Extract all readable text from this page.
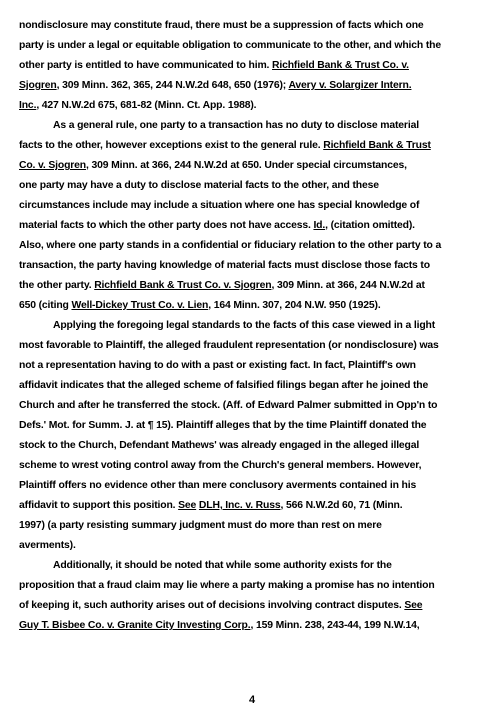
nondisclosure may constitute fraud, there must be a suppression of facts which one
party is under a legal or equitable obligation to communicate to the other, and which the
other party is entitled to have communicated to him. Richfield Bank & Trust Co. v.
Sjogren, 309 Minn. 362, 365, 244 N.W.2d 648, 650 (1976); Avery v. Solargizer Intern.
Inc., 427 N.W.2d 675, 681-82 (Minn. Ct. App. 1988).
As a general rule, one party to a transaction has no duty to disclose material
facts to the other, however exceptions exist to the general rule. Richfield Bank & Trust
Co. v. Sjogren, 309 Minn. at 366, 244 N.W.2d at 650. Under special circumstances,
one party may have a duty to disclose material facts to the other, and these
circumstances include may include a situation where one has special knowledge of
material facts to which the other party does not have access. Id., (citation omitted).
Also, where one party stands in a confidential or fiduciary relation to the other party to a
transaction, the party having knowledge of material facts must disclose those facts to
the other party. Richfield Bank & Trust Co. v. Sjogren, 309 Minn. at 366, 244 N.W.2d at
650 (citing Well-Dickey Trust Co. v. Lien, 164 Minn. 307, 204 N.W. 950 (1925).
Applying the foregoing legal standards to the facts of this case viewed in a light
most favorable to Plaintiff, the alleged fraudulent representation (or nondisclosure) was
not a representation having to do with a past or existing fact. In fact, Plaintiff's own
affidavit indicates that the alleged scheme of falsified filings began after he joined the
Church and after he transferred the stock. (Aff. of Edward Palmer submitted in Opp'n to
Defs.' Mot. for Summ. J. at ¶ 15). Plaintiff alleges that by the time Plaintiff donated the
stock to the Church, Defendant Mathews' was already engaged in the alleged illegal
scheme to wrest voting control away from the Church's general members. However,
Plaintiff offers no evidence other than mere conclusory averments contained in his
affidavit to support this position. See DLH, Inc. v. Russ, 566 N.W.2d 60, 71 (Minn.
1997) (a party resisting summary judgment must do more than rest on mere
averments).
Additionally, it should be noted that while some authority exists for the
proposition that a fraud claim may lie where a party making a promise has no intention
of keeping it, such authority arises out of decisions involving contract disputes. See
Guy T. Bisbee Co. v. Granite City Investing Corp., 159 Minn. 238, 243-44, 199 N.W.14,
4
